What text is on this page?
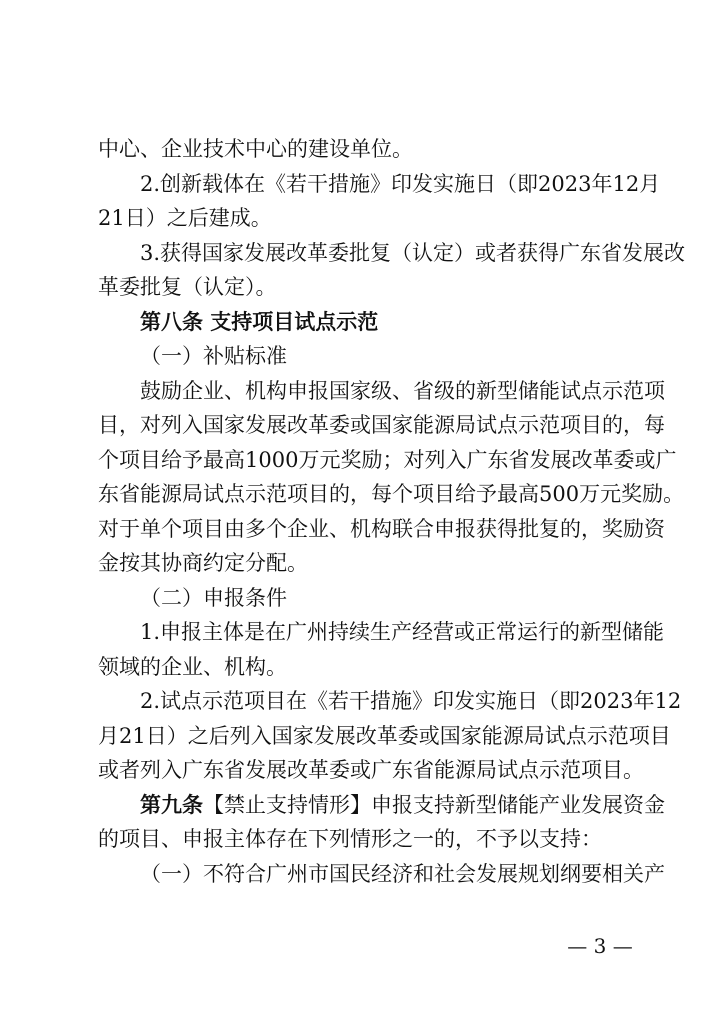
中心、企业技术中心的建设单位。
2.创新载体在《若干措施》印发实施日（即2023年12月
21日）之后建成。
3.获得国家发展改革委批复（认定）或者获得广东省发展改
革委批复（认定）。
第八条 支持项目试点示范
（一）补贴标准
鼓励企业、机构申报国家级、省级的新型储能试点示范项
目，对列入国家发展改革委或国家能源局试点示范项目的，每
个项目给予最高1000万元奖励；对列入广东省发展改革委或广
东省能源局试点示范项目的，每个项目给予最高500万元奖励。
对于单个项目由多个企业、机构联合申报获得批复的，奖励资
金按其协商约定分配。
（二）申报条件
1.申报主体是在广州持续生产经营或正常运行的新型储能
领域的企业、机构。
2.试点示范项目在《若干措施》印发实施日（即2023年12
月21日）之后列入国家发展改革委或国家能源局试点示范项目
或者列入广东省发展改革委或广东省能源局试点示范项目。
第九条【禁止支持情形】申报支持新型储能产业发展资金
的项目、申报主体存在下列情形之一的，不予以支持：
（一）不符合广州市国民经济和社会发展规划纲要相关产
— 3 —
